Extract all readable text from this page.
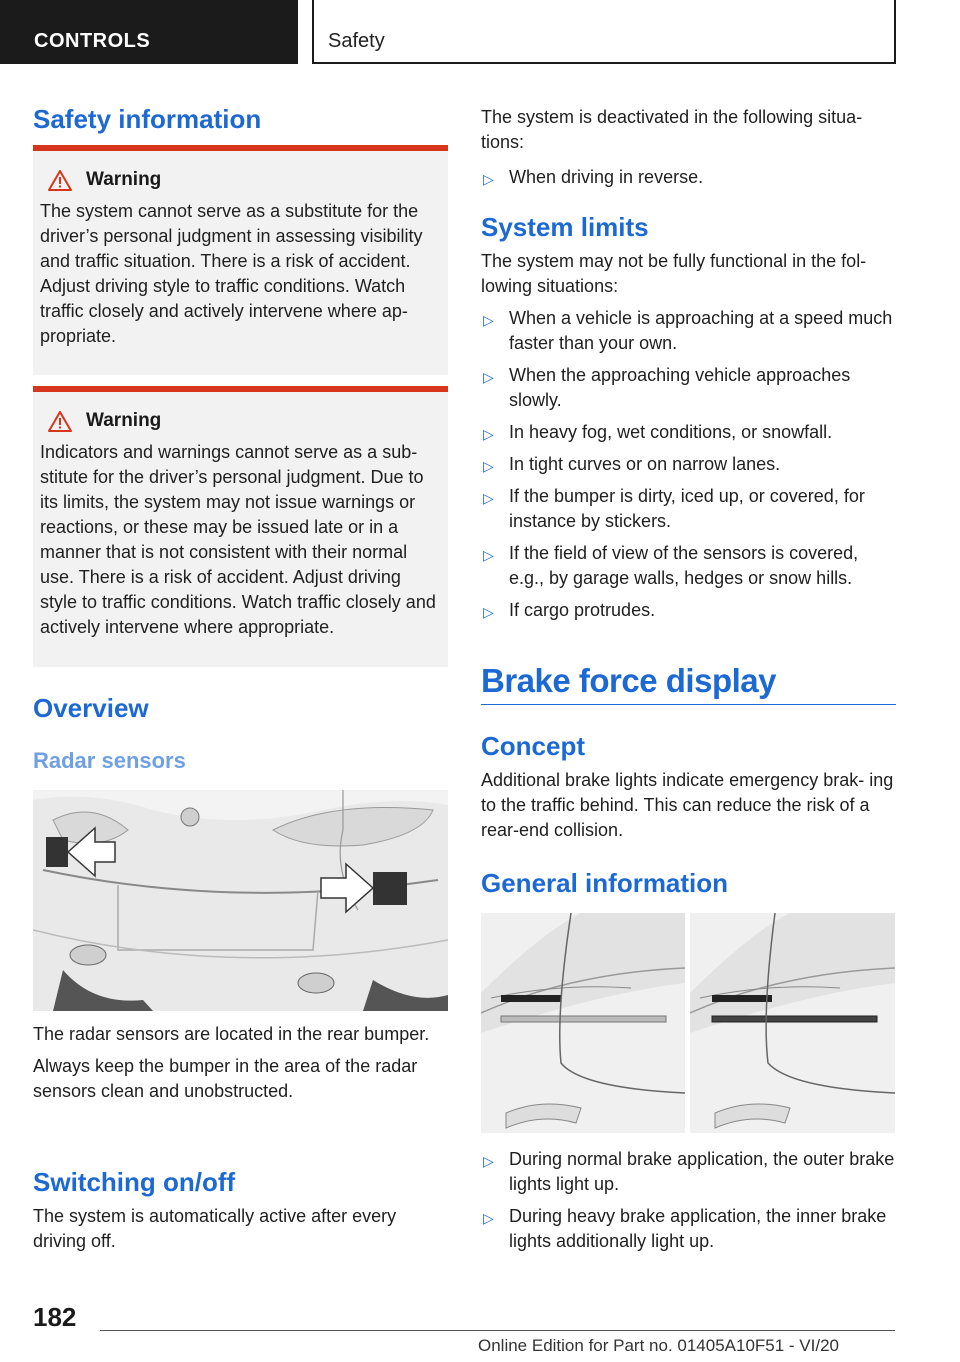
CONTROLS	Safety
Safety information
Warning

The system cannot serve as a substitute for the driver’s personal judgment in assessing visibility and traffic situation. There is a risk of accident. Adjust driving style to traffic conditions. Watch traffic closely and actively intervene where ap‐ propriate.

Warning

Indicators and warnings cannot serve as a sub‐ stitute for the driver’s personal judgment. Due to its limits, the system may not issue warnings or reactions, or these may be issued late or in a manner that is not consistent with their normal use. There is a risk of accident. Adjust driving style to traffic conditions. Watch traffic closely and actively intervene where appropriate.

Overview
Radar sensors

The radar sensors are located in the rear bumper.

Always keep the bumper in the area of the radar sensors clean and unobstructed.

Switching on/off

The system is automatically active after every driving off.

The system is deactivated in the following situa‐ tions:

▷ When driving in reverse.
System limits

The system may not be fully functional in the fol‐ lowing situations:

▷ When a vehicle is approaching at a speed much faster than your own.
▷ When the approaching vehicle approaches slowly.
▷ In heavy fog, wet conditions, or snowfall.
▷ In tight curves or on narrow lanes.
▷ If the bumper is dirty, iced up, or covered, for instance by stickers.
▷ If the field of view of the sensors is covered, e.g., by garage walls, hedges or snow hills.
▷ If cargo protrudes.
Brake force display
Concept

Additional brake lights indicate emergency brak‐ ing to the traffic behind. This can reduce the risk of a rear-end collision.

General information
▷ During normal brake application, the outer brake lights light up.
▷ During heavy brake application, the inner brake lights additionally light up.
182
Online Edition for Part no. 01405A10F51 - VI/20
